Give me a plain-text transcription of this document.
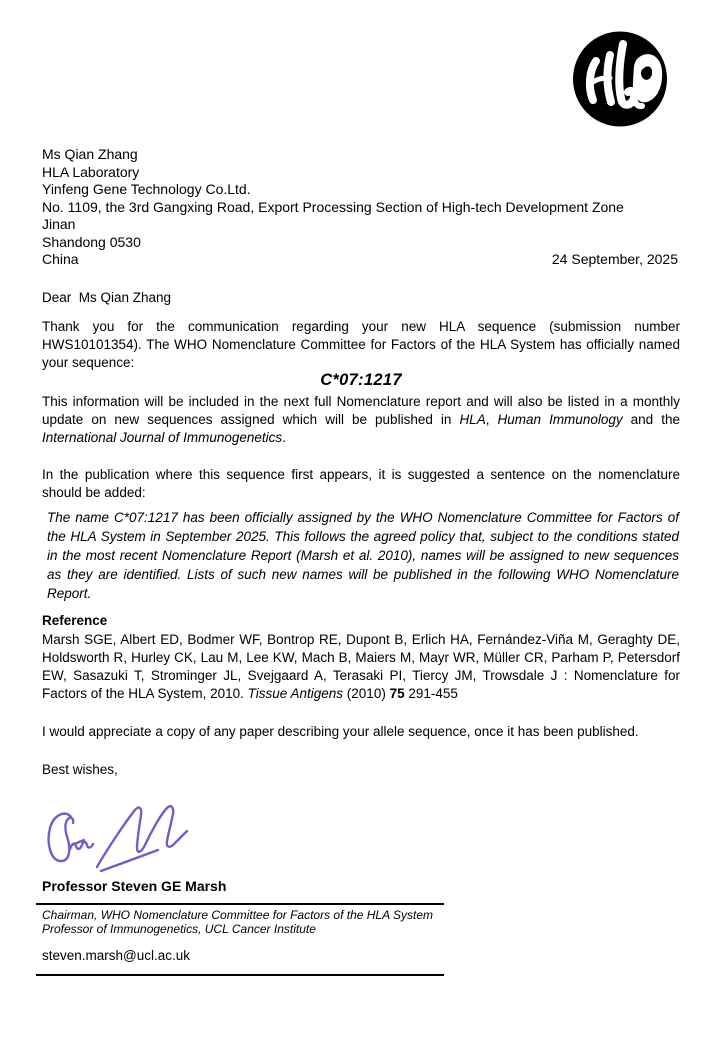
Ms Qian Zhang
HLA Laboratory
Yinfeng Gene Technology Co.Ltd.
No. 1109, the 3rd Gangxing Road, Export Processing Section of High-tech Development Zone
Jinan
Shandong 0530
China	24 September, 2025
Dear  Ms Qian Zhang

Thank you for the communication regarding your new HLA sequence (submission number HWS10101354). The WHO Nomenclature Committee for Factors of the HLA System has officially named your sequence:

C*07:1217

This information will be included in the next full Nomenclature report and will also be listed in a monthly update on new sequences assigned which will be published in HLA, Human Immunology and the International Journal of Immunogenetics.

In the publication where this sequence first appears, it is suggested a sentence on the nomenclature should be added:

The name C*07:1217 has been officially assigned by the WHO Nomenclature Committee for Factors of the HLA System in September 2025. This follows the agreed policy that, subject to the conditions stated in the most recent Nomenclature Report (Marsh et al. 2010), names will be assigned to new sequences as they are identified. Lists of such new names will be published in the following WHO Nomenclature Report.

Reference

Marsh SGE, Albert ED, Bodmer WF, Bontrop RE, Dupont B, Erlich HA, Fernández-Viña M, Geraghty DE, Holdsworth R, Hurley CK, Lau M, Lee KW, Mach B, Maiers M, Mayr WR, Müller CR, Parham P, Petersdorf EW, Sasazuki T, Strominger JL, Svejgaard A, Terasaki PI, Tiercy JM, Trowsdale J : Nomenclature for Factors of the HLA System, 2010. Tissue Antigens (2010) 75 291-455

I would appreciate a copy of any paper describing your allele sequence, once it has been published.

Best wishes,
Professor Steven GE Marsh
Chairman, WHO Nomenclature Committee for Factors of the HLA System
Professor of Immunogenetics, UCL Cancer Institute
steven.marsh@ucl.ac.uk
